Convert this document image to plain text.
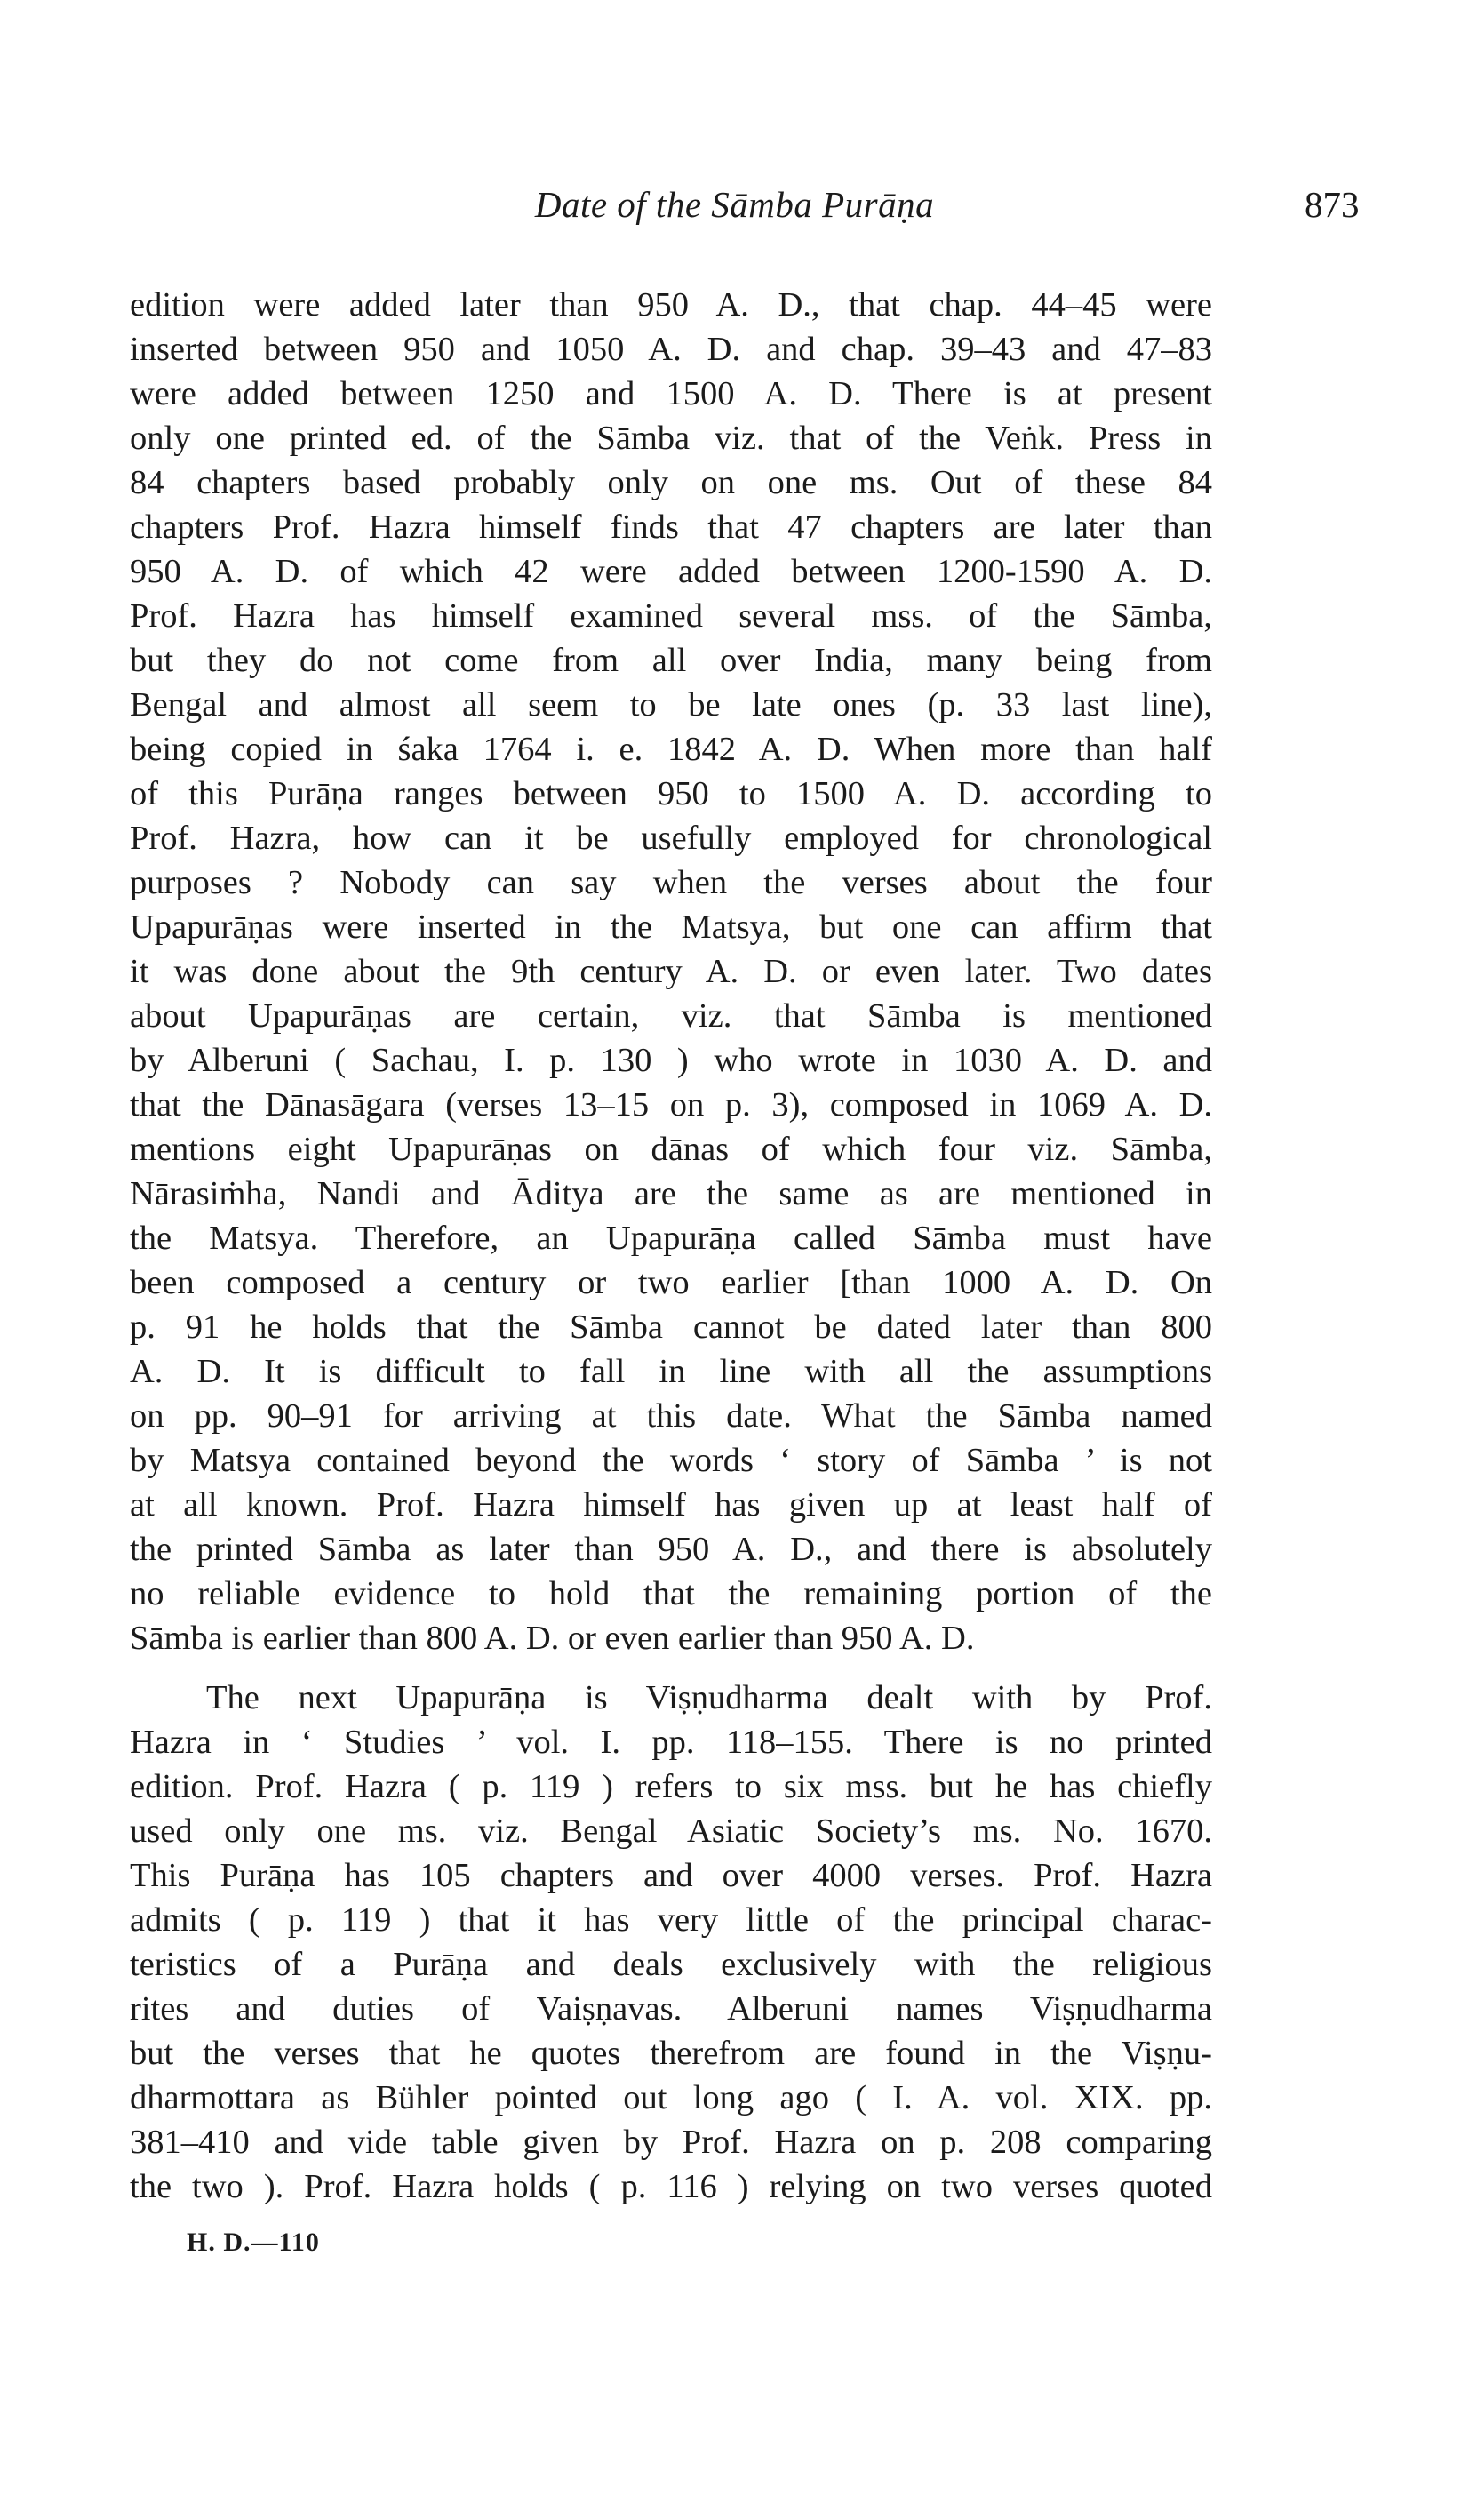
Date of the Sāmba Purāṇa	873
edition were added later than 950 A. D., that chap. 44–45 were
inserted between 950 and 1050 A. D. and chap. 39–43 and 47–83
were added between 1250 and 1500 A. D. There is at present
only one printed ed. of the Sāmba viz. that of the Veṅk. Press in
84 chapters based probably only on one ms. Out of these 84
chapters Prof. Hazra himself finds that 47 chapters are later than
950 A. D. of which 42 were added between 1200-1590 A. D.
Prof. Hazra has himself examined several mss. of the Sāmba,
but they do not come from all over India, many being from
Bengal and almost all seem to be late ones (p. 33 last line),
being copied in śaka 1764 i. e. 1842 A. D. When more than half
of this Purāṇa ranges between 950 to 1500 A. D. according to
Prof. Hazra, how can it be usefully employed for chronological
purposes ? Nobody can say when the verses about the four
Upapurāṇas were inserted in the Matsya, but one can affirm that
it was done about the 9th century A. D. or even later. Two dates
about Upapurāṇas are certain, viz. that Sāmba is mentioned
by Alberuni ( Sachau, I. p. 130 ) who wrote in 1030 A. D. and
that the Dānasāgara (verses 13–15 on p. 3), composed in 1069 A. D.
mentions eight Upapurāṇas on dānas of which four viz. Sāmba,
Nārasiṁha, Nandi and Āditya are the same as are mentioned in
the Matsya. Therefore, an Upapurāṇa called Sāmba must have
been composed a century or two earlier [than 1000 A. D. On
p. 91 he holds that the Sāmba cannot be dated later than 800
A. D. It is difficult to fall in line with all the assumptions
on pp. 90–91 for arriving at this date. What the Sāmba named
by Matsya contained beyond the words ‘ story of Sāmba ’ is not
at all known. Prof. Hazra himself has given up at least half of
the printed Sāmba as later than 950 A. D., and there is absolutely
no reliable evidence to hold that the remaining portion of the
Sāmba is earlier than 800 A. D. or even earlier than 950 A. D.
The next Upapurāṇa is Viṣṇudharma dealt with by Prof.
Hazra in ‘ Studies ’ vol. I. pp. 118–155. There is no printed
edition. Prof. Hazra ( p. 119 ) refers to six mss. but he has chiefly
used only one ms. viz. Bengal Asiatic Society’s ms. No. 1670.
This Purāṇa has 105 chapters and over 4000 verses. Prof. Hazra
admits ( p. 119 ) that it has very little of the principal charac-
teristics of a Purāṇa and deals exclusively with the religious
rites and duties of Vaiṣṇavas. Alberuni names Viṣṇudharma
but the verses that he quotes therefrom are found in the Viṣṇu-
dharmottara as Bühler pointed out long ago ( I. A. vol. XIX. pp.
381–410 and vide table given by Prof. Hazra on p. 208 comparing
the two ). Prof. Hazra holds ( p. 116 ) relying on two verses quoted
H. D.—110
